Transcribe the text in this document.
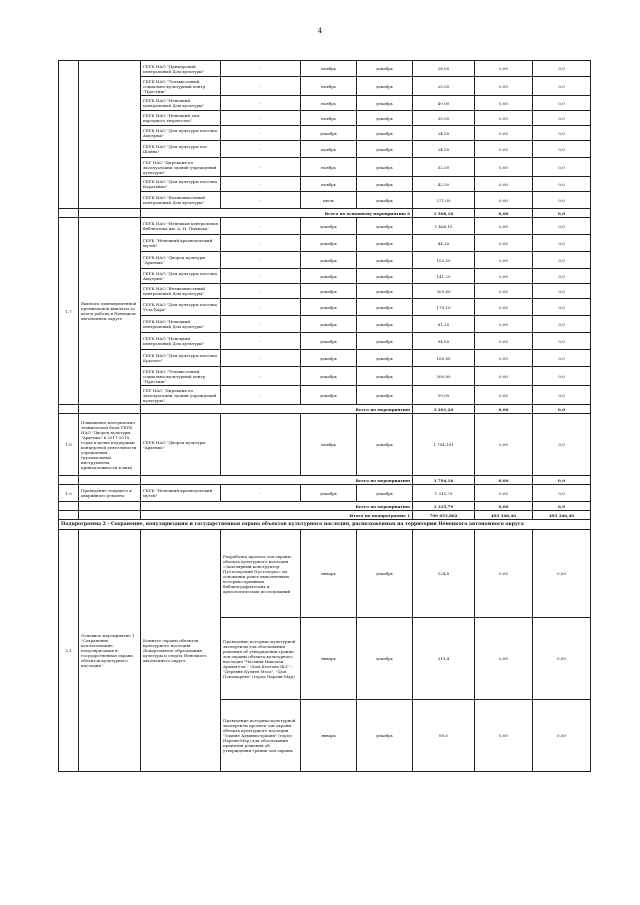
4
		ГБУК НАО "Приморский центральный Дом культуры"	-	ноябрь	декабрь	28,00	0,00	0,0
		ГБУК НАО "Тельвисочный социально-культурный центр "Престиж"	-	ноябрь	декабрь	25,50	0,00	0,0
		ГБУК НАО "Ненецкий центральный Дом культуры"	-	ноябрь	декабрь	49,00	0,00	0,0
		ГБУК НАО "Ненецкий дом народного творчества"	-	ноябрь	декабрь	35,00	0,00	0,0
		ГБУК НАО "Дом культуры поселка Амдерма"	-	декабрь	декабрь	24,50	0,00	0,0
		ГБУК НАО "Дом культуры пос. Шойна"	-	ноябрь	декабрь	24,50	0,00	0,0
		ГБУ НАО "Дирекция по эксплуатации зданий учреждений культуры"	-	ноябрь	декабрь	52,50	0,00	0,0
		ГБУК НАО "Дом культуры поселка Каратайка"	-	ноябрь	декабрь	42,50	0,00	0,0
		ГБУК НАО "Великовисочный центральный Дом культуры"	-	июль	декабрь	271,00	0,00	0,0
		Всего по основному мероприятию 6				1 506,10	0,00	0,0
1.7	Выплата единовременной премиальной выплаты за итоги работы в Ненецком автономном округе	ГБУК НАО "Ненецкая центральная библиотека им. А. И. Пичкова"	-	декабрь	декабрь	1 464,10	0,00	0,0
		ГБУК "Ненецкий краеведческий музей"	-	декабрь	декабрь	44,30	0,00	0,0
		ГБУК НАО "Дворец культуры "Арктика"	-	декабрь	декабрь	102,50	0,00	0,0
		ГБУК НАО "Дом культуры поселка Амдерма"	-	декабрь	декабрь	141,20	0,00	0,0
		ГБУК НАО "Великовисочный центральный Дом культуры"	-	декабрь	декабрь	309,80	0,00	0,0
		ГБУК НАО "Дом культуры поселка Усть-Кара"	-	декабрь	декабрь	179,10	0,00	0,0
		ГБУК НАО "Ненецкий центральный Дом культуры"	-	декабрь	декабрь	81,20	0,00	0,0
		ГБУК НАО "Ненецкий центральный Дом культуры"	-	декабрь	декабрь	94,80	0,00	0,0
		ГБУК НАО "Дом культуры поселка Красное"	-	декабрь	декабрь	160,80	0,00	0,0
		ГБУК НАО "Тельвисочный социально-культурный центр "Престиж"	-	декабрь	декабрь	300,80	0,00	0,0
		ГБУ НАО "Дирекция по эксплуатации зданий учреждений культуры"	-	декабрь	декабрь	59,00	0,00	0,0
		Всего по мероприятию				3 201,20	0,00	0,0
1.8	Повышение материально-технической базы ГБУК НАО "Дворец культуры "Арктика" в 2017-2018 годах в целях поддержки концертной деятельности учреждения (музыкальные инструменты, принадлежности к ним)	ГБУК НАО "Дворец культуры "Арктика"		ноябрь	декабрь	1 794,161	0,00	0,0
		Всего по мероприятию				1 794,16	0,00	0,0
1.9	Проведение текущего и аварийного ремонта	ГБУК "Ненецкий краеведческий музей"	-	декабрь	декабрь	1 315,79	0,00	0,0
		Всего по мероприятию				1 315,79	0,00	0,0
		Итого по подпрограмме 1				700 653,862	493 346,40	493 346,40
Подпрограмма 2 - Сохранение, популяризация и государственная охрана объектов культурного наследия, расположенных на территории Ненецкого автономного округа								
2.1	Основное мероприятие 1 "Сохранение, использование, популяризация и государственная охрана объектов культурного наследия"	Комитет охраны объектов культурного наследия Департамента образования, культуры и спорта Ненецкого автономного округа	Разработка проекта зон охраны объекта культурного наследия «Заполярный конструктор Пустозерский Пустозерье» на основании ранее выполненных историко-архивных библиографических и археологических исследований	январь	декабрь	124,8	0,00	0,00
			Проведение историко-культурной экспертизы для обоснования решения об утверждении границ зон охраны объекта культурного наследия "Часовня Николая Архангела", "Дом Колтова Ш.Г.", "Деревня Куляев Месь", "Дом Пономарева" (город Нарьян-Мар)	январь	декабрь	319,4	0,00	0,00
			Проведение историко-культурной экспертизы проекта зон охраны объекта культурного наследия "Здание Администрации" (город Нарьян-Мар) для обоснования принятия решения об утверждении границ зон охраны	январь	декабрь	80,0	0,00	0,00
